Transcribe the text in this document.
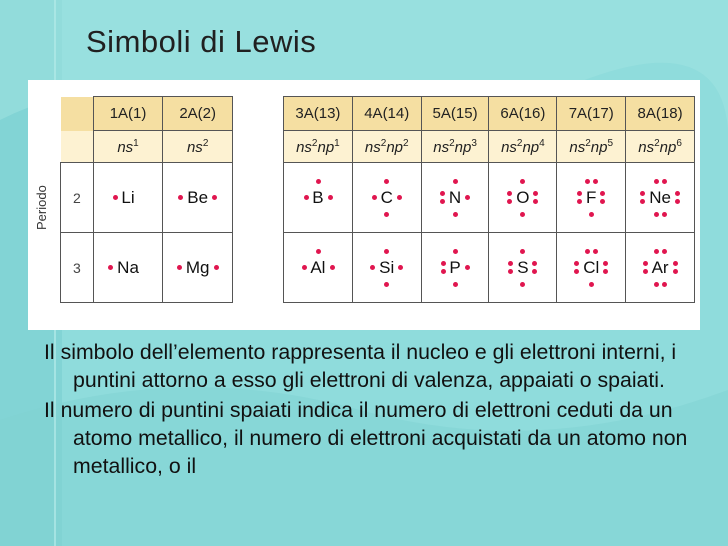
Simboli di Lewis
Periodo
	1A(1)	2A(2)
	$ns^1$	$ns^2$
2	Li	Be

3	Na	Mg
3A(13)	4A(14)	5A(15)	6A(16)	7A(17)	8A(18)
$ns^2np^1$	$ns^2np^2$	$ns^2np^3$	$ns^2np^4$	$ns^2np^5$	$ns^2np^6$

B	C	N	O	F	Ne

Al	Si	P	S	Cl	Ar

Il simbolo dell’elemento rappresenta il nucleo e gli elettroni interni, i puntini attorno a esso gli elettroni di valenza, appaiati o spaiati.

Il numero di puntini spaiati indica il numero di elettroni ceduti da un atomo metallico, il numero di elettroni acquistati da un atomo non metallico, o il
